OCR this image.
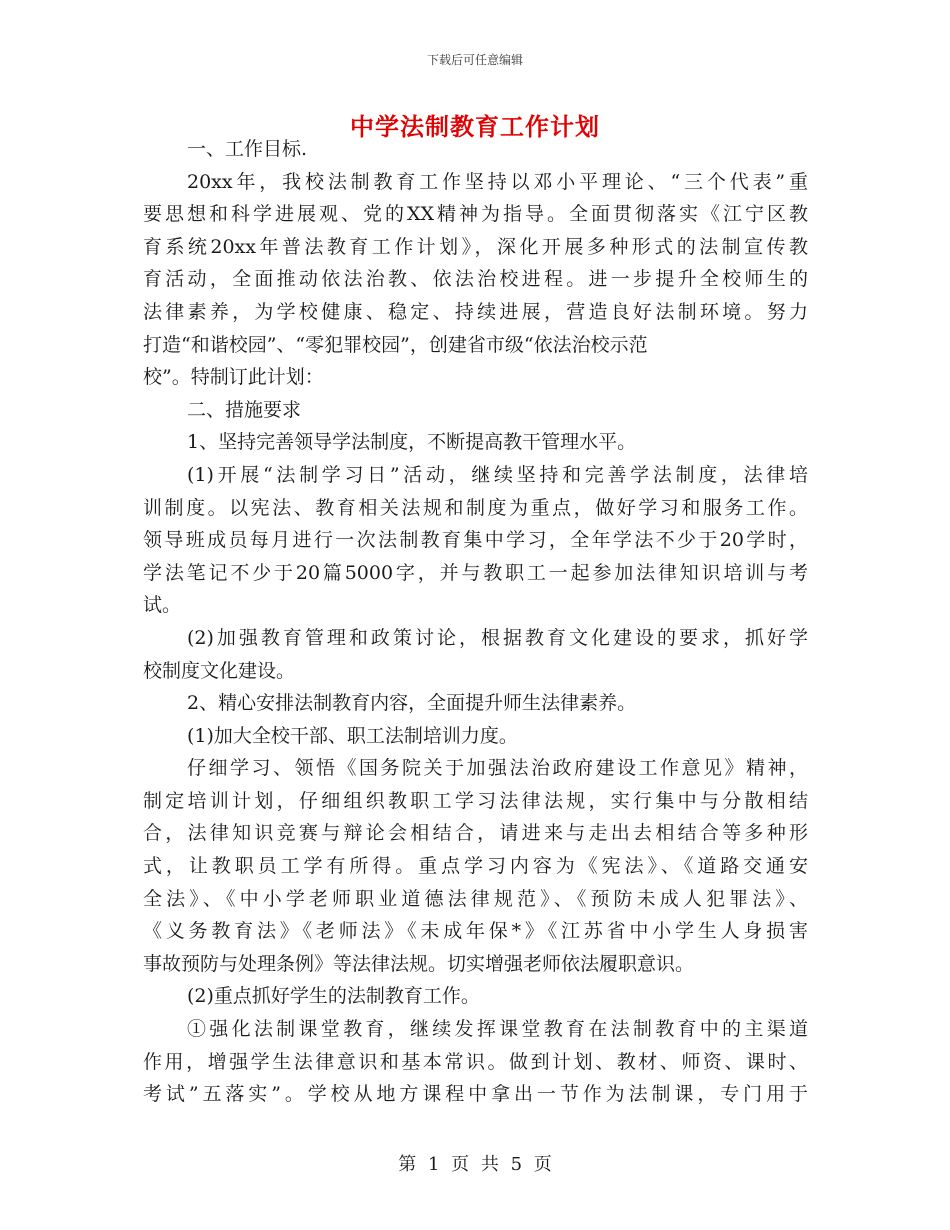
下载后可任意编辑
中学法制教育工作计划
一、工作目标.
20xx年，我校法制教育工作坚持以邓小平理论、“三个代表”重
要思想和科学进展观、党的XX精神为指导。全面贯彻落实《江宁区教
育系统20xx年普法教育工作计划》，深化开展多种形式的法制宣传教
育活动，全面推动依法治教、依法治校进程。进一步提升全校师生的
法律素养，为学校健康、稳定、持续进展，营造良好法制环境。努力
打造“和谐校园”、“零犯罪校园”，创建省市级“依法治校示范
校”。特制订此计划：
二、措施要求
1、坚持完善领导学法制度，不断提高教干管理水平。
(1)开展“法制学习日”活动，继续坚持和完善学法制度，法律培
训制度。以宪法、教育相关法规和制度为重点，做好学习和服务工作。
领导班成员每月进行一次法制教育集中学习，全年学法不少于20学时，
学法笔记不少于20篇5000字，并与教职工一起参加法律知识培训与考
试。
(2)加强教育管理和政策讨论，根据教育文化建设的要求，抓好学
校制度文化建设。
2、精心安排法制教育内容，全面提升师生法律素养。
(1)加大全校干部、职工法制培训力度。
仔细学习、领悟《国务院关于加强法治政府建设工作意见》精神，
制定培训计划，仔细组织教职工学习法律法规，实行集中与分散相结
合，法律知识竞赛与辩论会相结合，请进来与走出去相结合等多种形
式，让教职员工学有所得。重点学习内容为《宪法》、《道路交通安
全法》、《中小学老师职业道德法律规范》、《预防未成人犯罪法》、
《义务教育法》《老师法》《未成年保*》《江苏省中小学生人身损害
事故预防与处理条例》等法律法规。切实增强老师依法履职意识。
(2)重点抓好学生的法制教育工作。
①强化法制课堂教育，继续发挥课堂教育在法制教育中的主渠道
作用，增强学生法律意识和基本常识。做到计划、教材、师资、课时、
考试”五落实”。学校从地方课程中拿出一节作为法制课，专门用于
第 1 页 共 5 页
